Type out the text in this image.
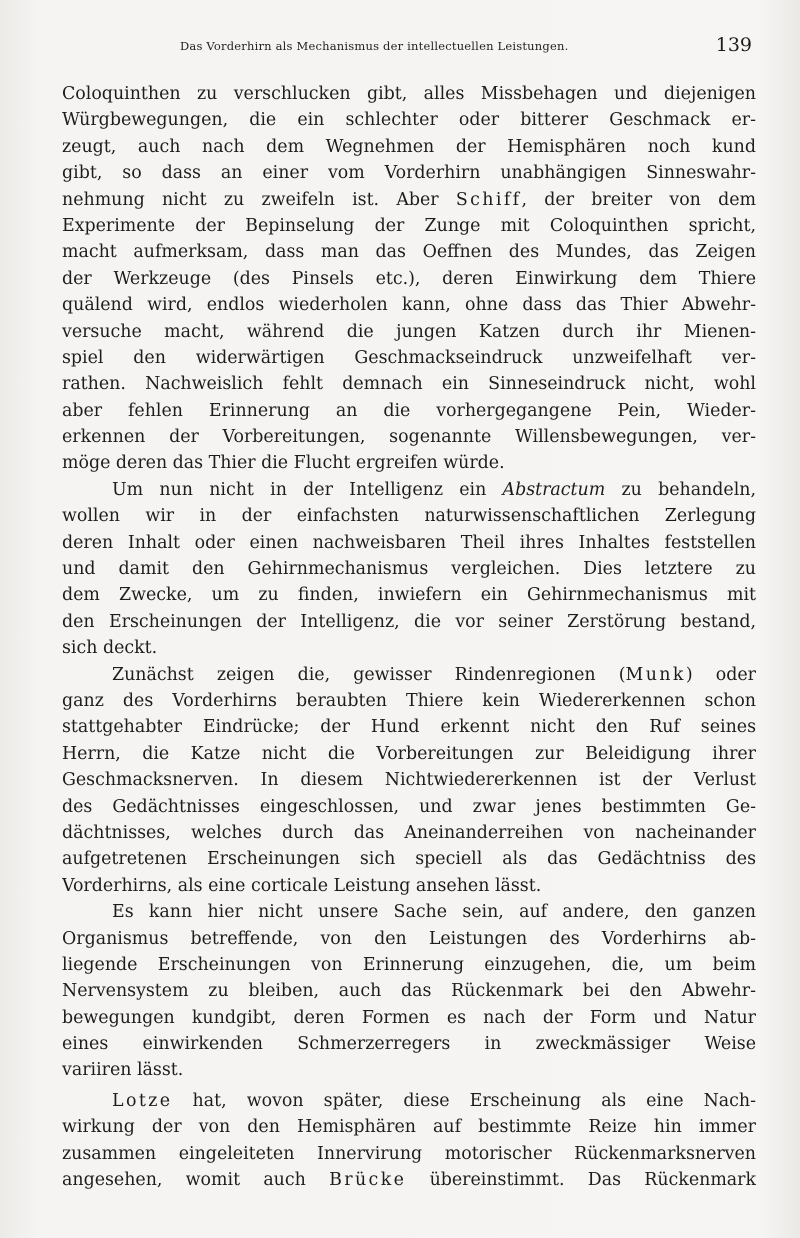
Das Vorderhirn als Mechanismus der intellectuellen Leistungen.	139
Coloquinthen zu verschlucken gibt, alles Missbehagen und diejenigen
Würgbewegungen, die ein schlechter oder bitterer Geschmack er-
zeugt, auch nach dem Wegnehmen der Hemisphären noch kund
gibt, so dass an einer vom Vorderhirn unabhängigen Sinneswahr-
nehmung nicht zu zweifeln ist. Aber Schiff, der breiter von dem
Experimente der Bepinselung der Zunge mit Coloquinthen spricht,
macht aufmerksam, dass man das Oeffnen des Mundes, das Zeigen
der Werkzeuge (des Pinsels etc.), deren Einwirkung dem Thiere
quälend wird, endlos wiederholen kann, ohne dass das Thier Abwehr-
versuche macht, während die jungen Katzen durch ihr Mienen-
spiel den widerwärtigen Geschmackseindruck unzweifelhaft ver-
rathen. Nachweislich fehlt demnach ein Sinneseindruck nicht, wohl
aber fehlen Erinnerung an die vorhergegangene Pein, Wieder-
erkennen der Vorbereitungen, sogenannte Willensbewegungen, ver-
möge deren das Thier die Flucht ergreifen würde.
Um nun nicht in der Intelligenz ein Abstractum zu behandeln,
wollen wir in der einfachsten naturwissenschaftlichen Zerlegung
deren Inhalt oder einen nachweisbaren Theil ihres Inhaltes feststellen
und damit den Gehirnmechanismus vergleichen. Dies letztere zu
dem Zwecke, um zu finden, inwiefern ein Gehirnmechanismus mit
den Erscheinungen der Intelligenz, die vor seiner Zerstörung bestand,
sich deckt.
Zunächst zeigen die, gewisser Rindenregionen (Munk) oder
ganz des Vorderhirns beraubten Thiere kein Wiedererkennen schon
stattgehabter Eindrücke; der Hund erkennt nicht den Ruf seines
Herrn, die Katze nicht die Vorbereitungen zur Beleidigung ihrer
Geschmacksnerven. In diesem Nichtwiedererkennen ist der Verlust
des Gedächtnisses eingeschlossen, und zwar jenes bestimmten Ge-
dächtnisses, welches durch das Aneinanderreihen von nacheinander
aufgetretenen Erscheinungen sich speciell als das Gedächtniss des
Vorderhirns, als eine corticale Leistung ansehen lässt.
Es kann hier nicht unsere Sache sein, auf andere, den ganzen
Organismus betreffende, von den Leistungen des Vorderhirns ab-
liegende Erscheinungen von Erinnerung einzugehen, die, um beim
Nervensystem zu bleiben, auch das Rückenmark bei den Abwehr-
bewegungen kundgibt, deren Formen es nach der Form und Natur
eines einwirkenden Schmerzerregers in zweckmässiger Weise
variiren lässt.
Lotze hat, wovon später, diese Erscheinung als eine Nach-
wirkung der von den Hemisphären auf bestimmte Reize hin immer
zusammen eingeleiteten Innervirung motorischer Rückenmarksnerven
angesehen, womit auch Brücke übereinstimmt. Das Rückenmark
